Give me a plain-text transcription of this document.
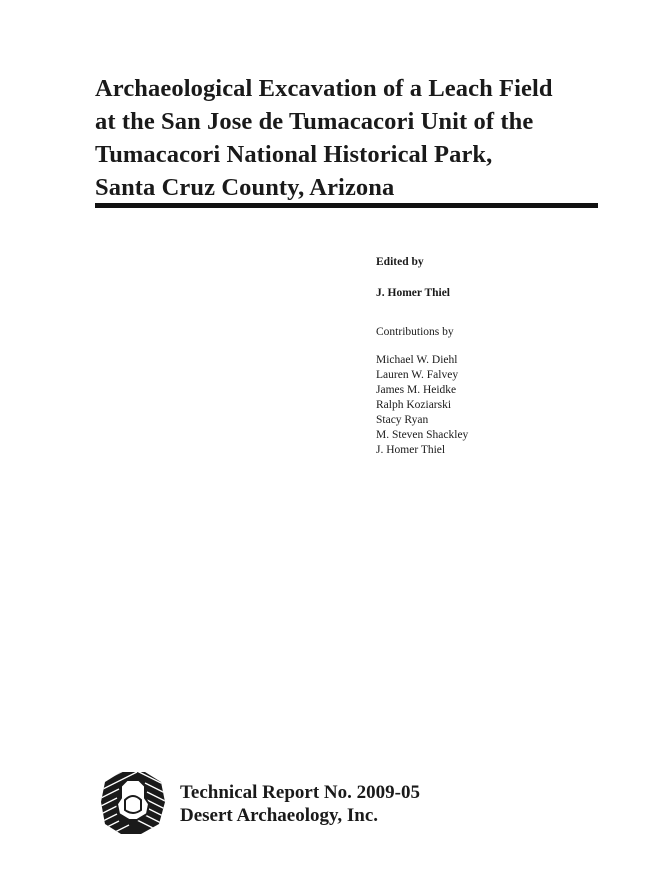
Archaeological Excavation of a Leach Field
at the San Jose de Tumacacori Unit of the
Tumacacori National Historical Park,
Santa Cruz County, Arizona
Edited by
J. Homer Thiel
Contributions by
Michael W. Diehl
Lauren W. Falvey
James M. Heidke
Ralph Koziarski
Stacy Ryan
M. Steven Shackley
J. Homer Thiel
Technical Report No. 2009-05
Desert Archaeology, Inc.
